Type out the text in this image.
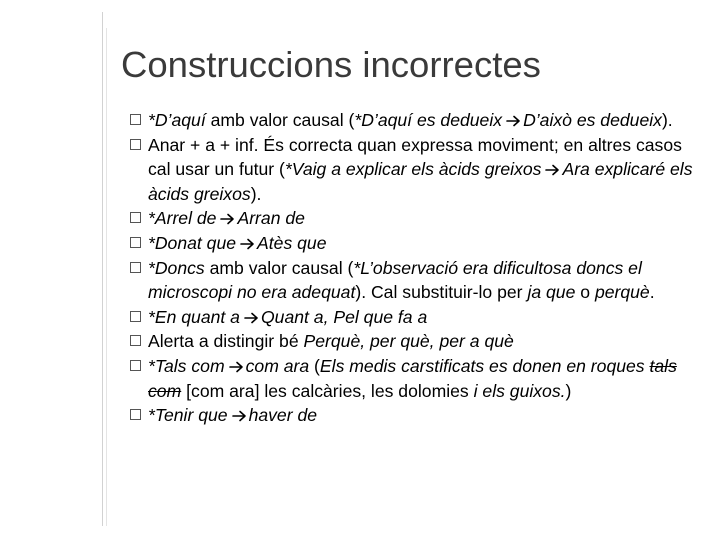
Construccions incorrectes
*D’aquí amb valor causal (*D’aquí es dedueix D’això es dedueix).
Anar + a + inf. És correcta quan expressa moviment; en altres casos cal usar un futur (*Vaig a explicar els àcids greixos Ara explicaré els àcids greixos).
*Arrel de Arran de
*Donat que Atès que
*Doncs amb valor causal (*L’observació era dificultosa doncs el microscopi no era adequat). Cal substituir-lo per ja que o perquè.
*En quant a Quant a, Pel que fa a
Alerta a distingir bé Perquè, per què, per a què
*Tals com com ara (Els medis carstificats es donen en roques tals com [com ara] les calcàries, les dolomies i els guixos.)
*Tenir que haver de
